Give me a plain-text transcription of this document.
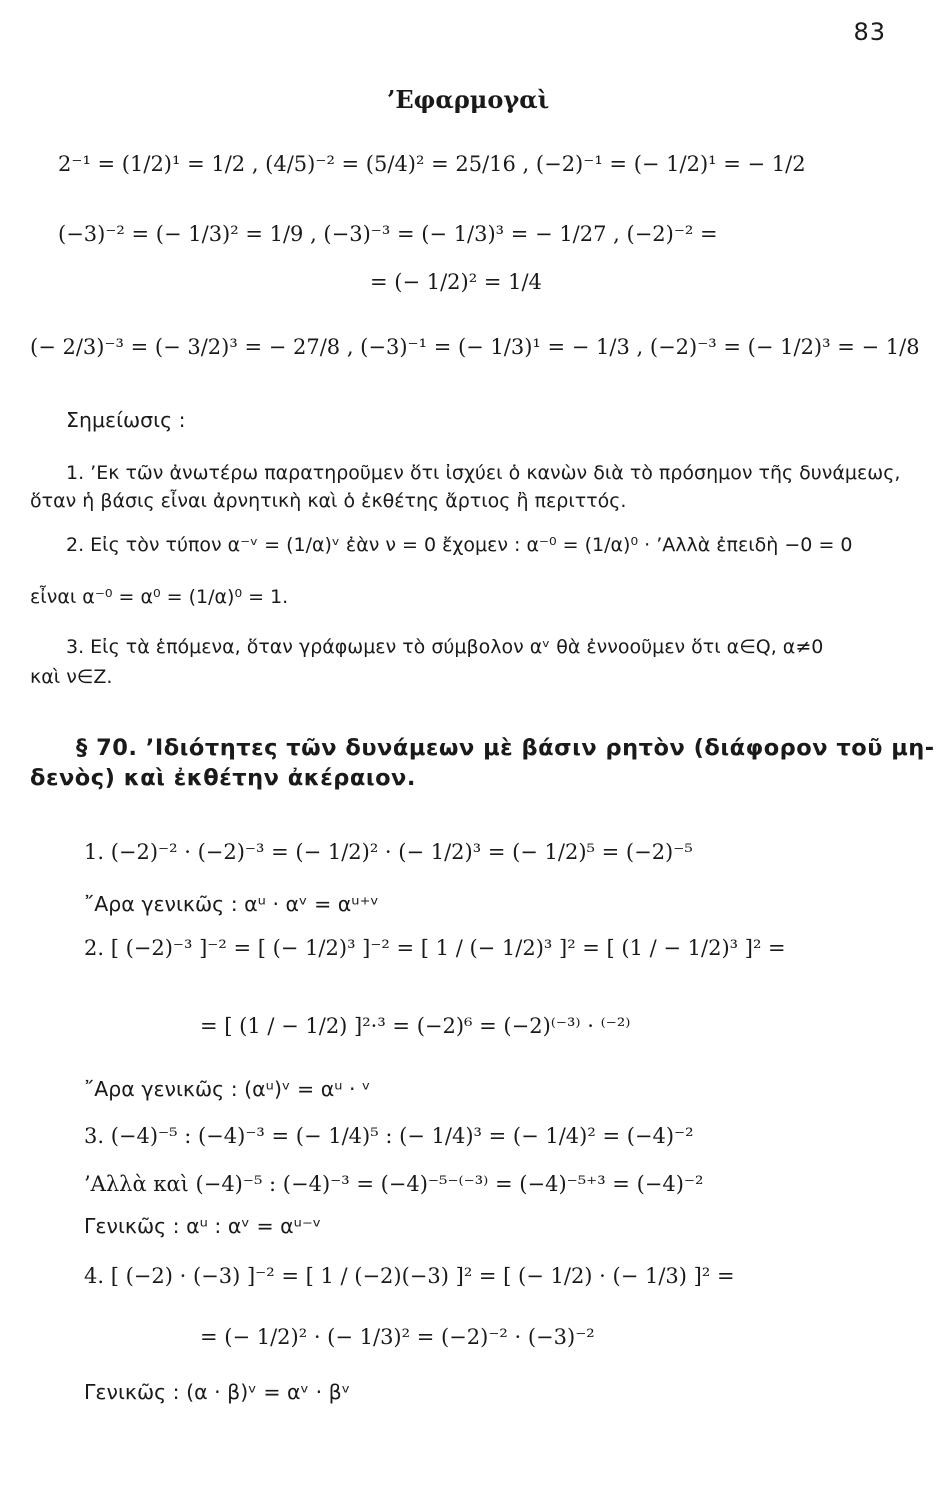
83
’Εφαρμογαὶ
2⁻¹ = (1/2)¹ = 1/2 , (4/5)⁻² = (5/4)² = 25/16 , (−2)⁻¹ = (− 1/2)¹ = − 1/2
(−3)⁻² = (− 1/3)² = 1/9 , (−3)⁻³ = (− 1/3)³ = − 1/27 , (−2)⁻² =
= (− 1/2)² = 1/4
(− 2/3)⁻³ = (− 3/2)³ = − 27/8 , (−3)⁻¹ = (− 1/3)¹ = − 1/3 , (−2)⁻³ = (− 1/2)³ = − 1/8
Σημείωσις :
1. ’Εκ τῶν ἀνωτέρω παρατηροῦμεν ὅτι ἰσχύει ὁ κανὼν διὰ τὸ πρόσημον τῆς δυνάμεως,
ὅταν ἡ βάσις εἶναι ἀρνητικὴ καὶ ὁ ἐκθέτης ἄρτιος ἢ περιττός.
2. Εἰς τὸν τύπον α⁻ᵛ = (1/α)ᵛ ἐὰν ν = 0 ἔχομεν : α⁻⁰ = (1/α)⁰ · ’Αλλὰ ἐπειδὴ −0 = 0
εἶναι α⁻⁰ = α⁰ = (1/α)⁰ = 1.
3. Εἰς τὰ ἑπόμενα, ὅταν γράφωμεν τὸ σύμβολον αᵛ θὰ ἐννοοῦμεν ὅτι α∈Q, α≠0
καὶ ν∈Z.
§ 70. ’Ιδιότητες τῶν δυνάμεων μὲ βάσιν ρητὸν (διάφορον τοῦ μη-
δενὸς) καὶ ἐκθέτην ἀκέραιον.
1. (−2)⁻² · (−2)⁻³ = (− 1/2)² · (− 1/2)³ = (− 1/2)⁵ = (−2)⁻⁵
῎Αρα γενικῶς : αᵘ · αᵛ = αᵘ⁺ᵛ
2. [ (−2)⁻³ ]⁻² = [ (− 1/2)³ ]⁻² = [ 1 / (− 1/2)³ ]² = [ (1 / − 1/2)³ ]² =
= [ (1 / − 1/2) ]²·³ = (−2)⁶ = (−2)⁽⁻³⁾ · ⁽⁻²⁾
῎Αρα γενικῶς : (αᵘ)ᵛ = αᵘ · ᵛ
3. (−4)⁻⁵ : (−4)⁻³ = (− 1/4)⁵ : (− 1/4)³ = (− 1/4)² = (−4)⁻²
’Αλλὰ καὶ (−4)⁻⁵ : (−4)⁻³ = (−4)⁻⁵⁻⁽⁻³⁾ = (−4)⁻⁵⁺³ = (−4)⁻²
Γενικῶς : αᵘ : αᵛ = αᵘ⁻ᵛ
4. [ (−2) · (−3) ]⁻² = [ 1 / (−2)(−3) ]² = [ (− 1/2) · (− 1/3) ]² =
= (− 1/2)² · (− 1/3)² = (−2)⁻² · (−3)⁻²
Γενικῶς : (α · β)ᵛ = αᵛ · βᵛ
